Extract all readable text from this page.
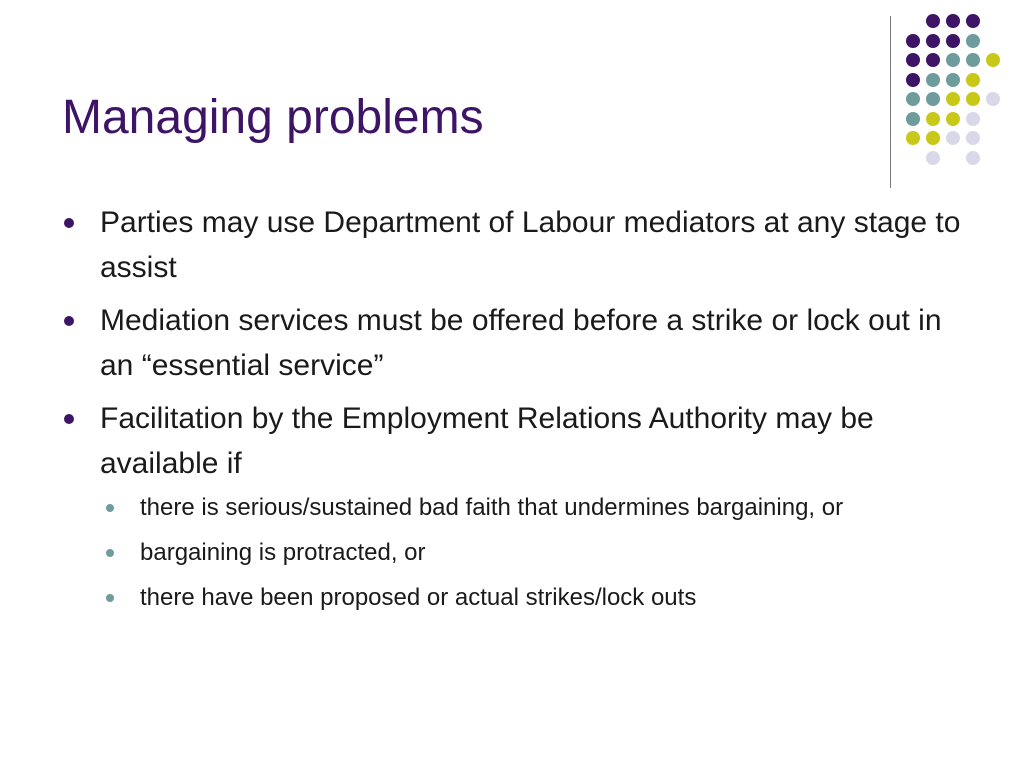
Managing problems
Parties may use Department of Labour mediators at any stage to assist
Mediation services must be offered before a strike or lock out in an “essential service”
Facilitation by the Employment Relations Authority may be available if
there is serious/sustained bad faith that undermines bargaining, or
bargaining is protracted, or
there have been proposed or actual strikes/lock outs
